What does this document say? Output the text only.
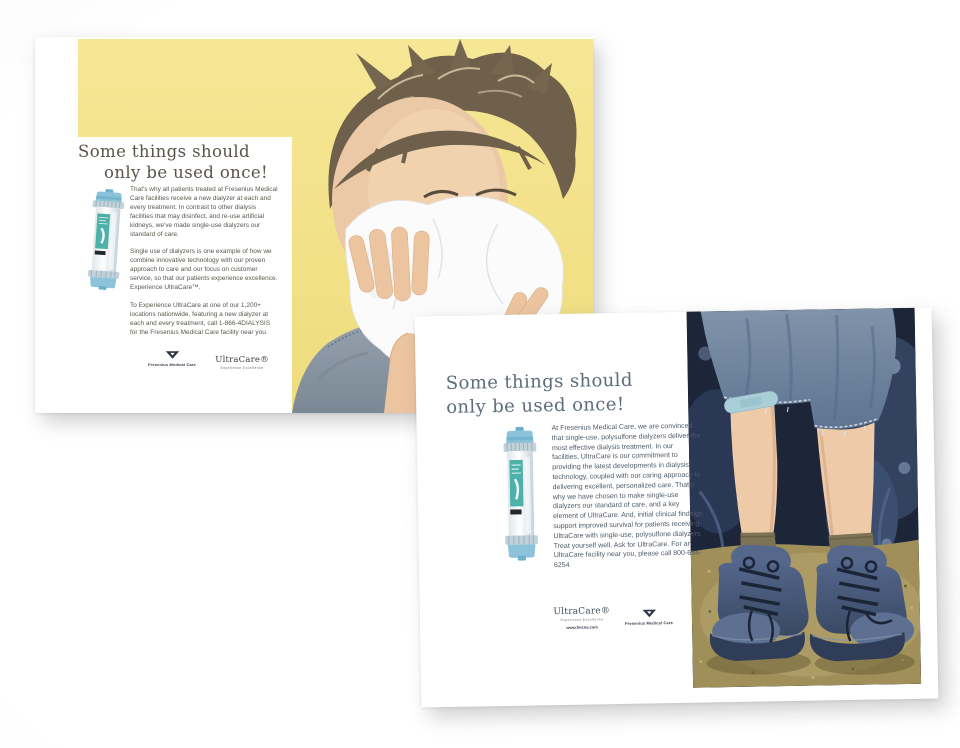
Some things should
only be used once!

That's why all patients treated at Fresenius Medical Care facilities receive a new dialyzer at each and every treatment. In contrast to other dialysis facilities that may disinfect, and re-use artificial kidneys, we've made single-use dialyzers our standard of care.

Single use of dialyzers is one example of how we combine innovative technology with our proven approach to care and our focus on customer service, so that our patients experience excellence. Experience UltraCare™.

To Experience UltraCare at one of our 1,200+ locations nationwide, featuring a new dialyzer at each and every treatment, call 1-866-4DIALYSIS for the Fresenius Medical Care facility near you.

Fresenius Medical Care	UltraCare®
Experience Excellence
Some things should
only be used once!

At Fresenius Medical Care, we are convinced that single-use, polysulfone dialyzers deliver the most effective dialysis treatment. In our facilities, UltraCare is our commitment to providing the latest developments in dialysis technology, coupled with our caring approach to delivering excellent, personalized care. That's why we have chosen to make single-use dialyzers our standard of care, and a key element of UltraCare. And, initial clinical findings support improved survival for patients receiving UltraCare with single-use, polysulfone dialyzers. Treat yourself well. Ask for UltraCare. For an UltraCare facility near you, please call 800-634-6254

UltraCare®
Experience Excellence
www.fmcna.com
Fresenius Medical Care
